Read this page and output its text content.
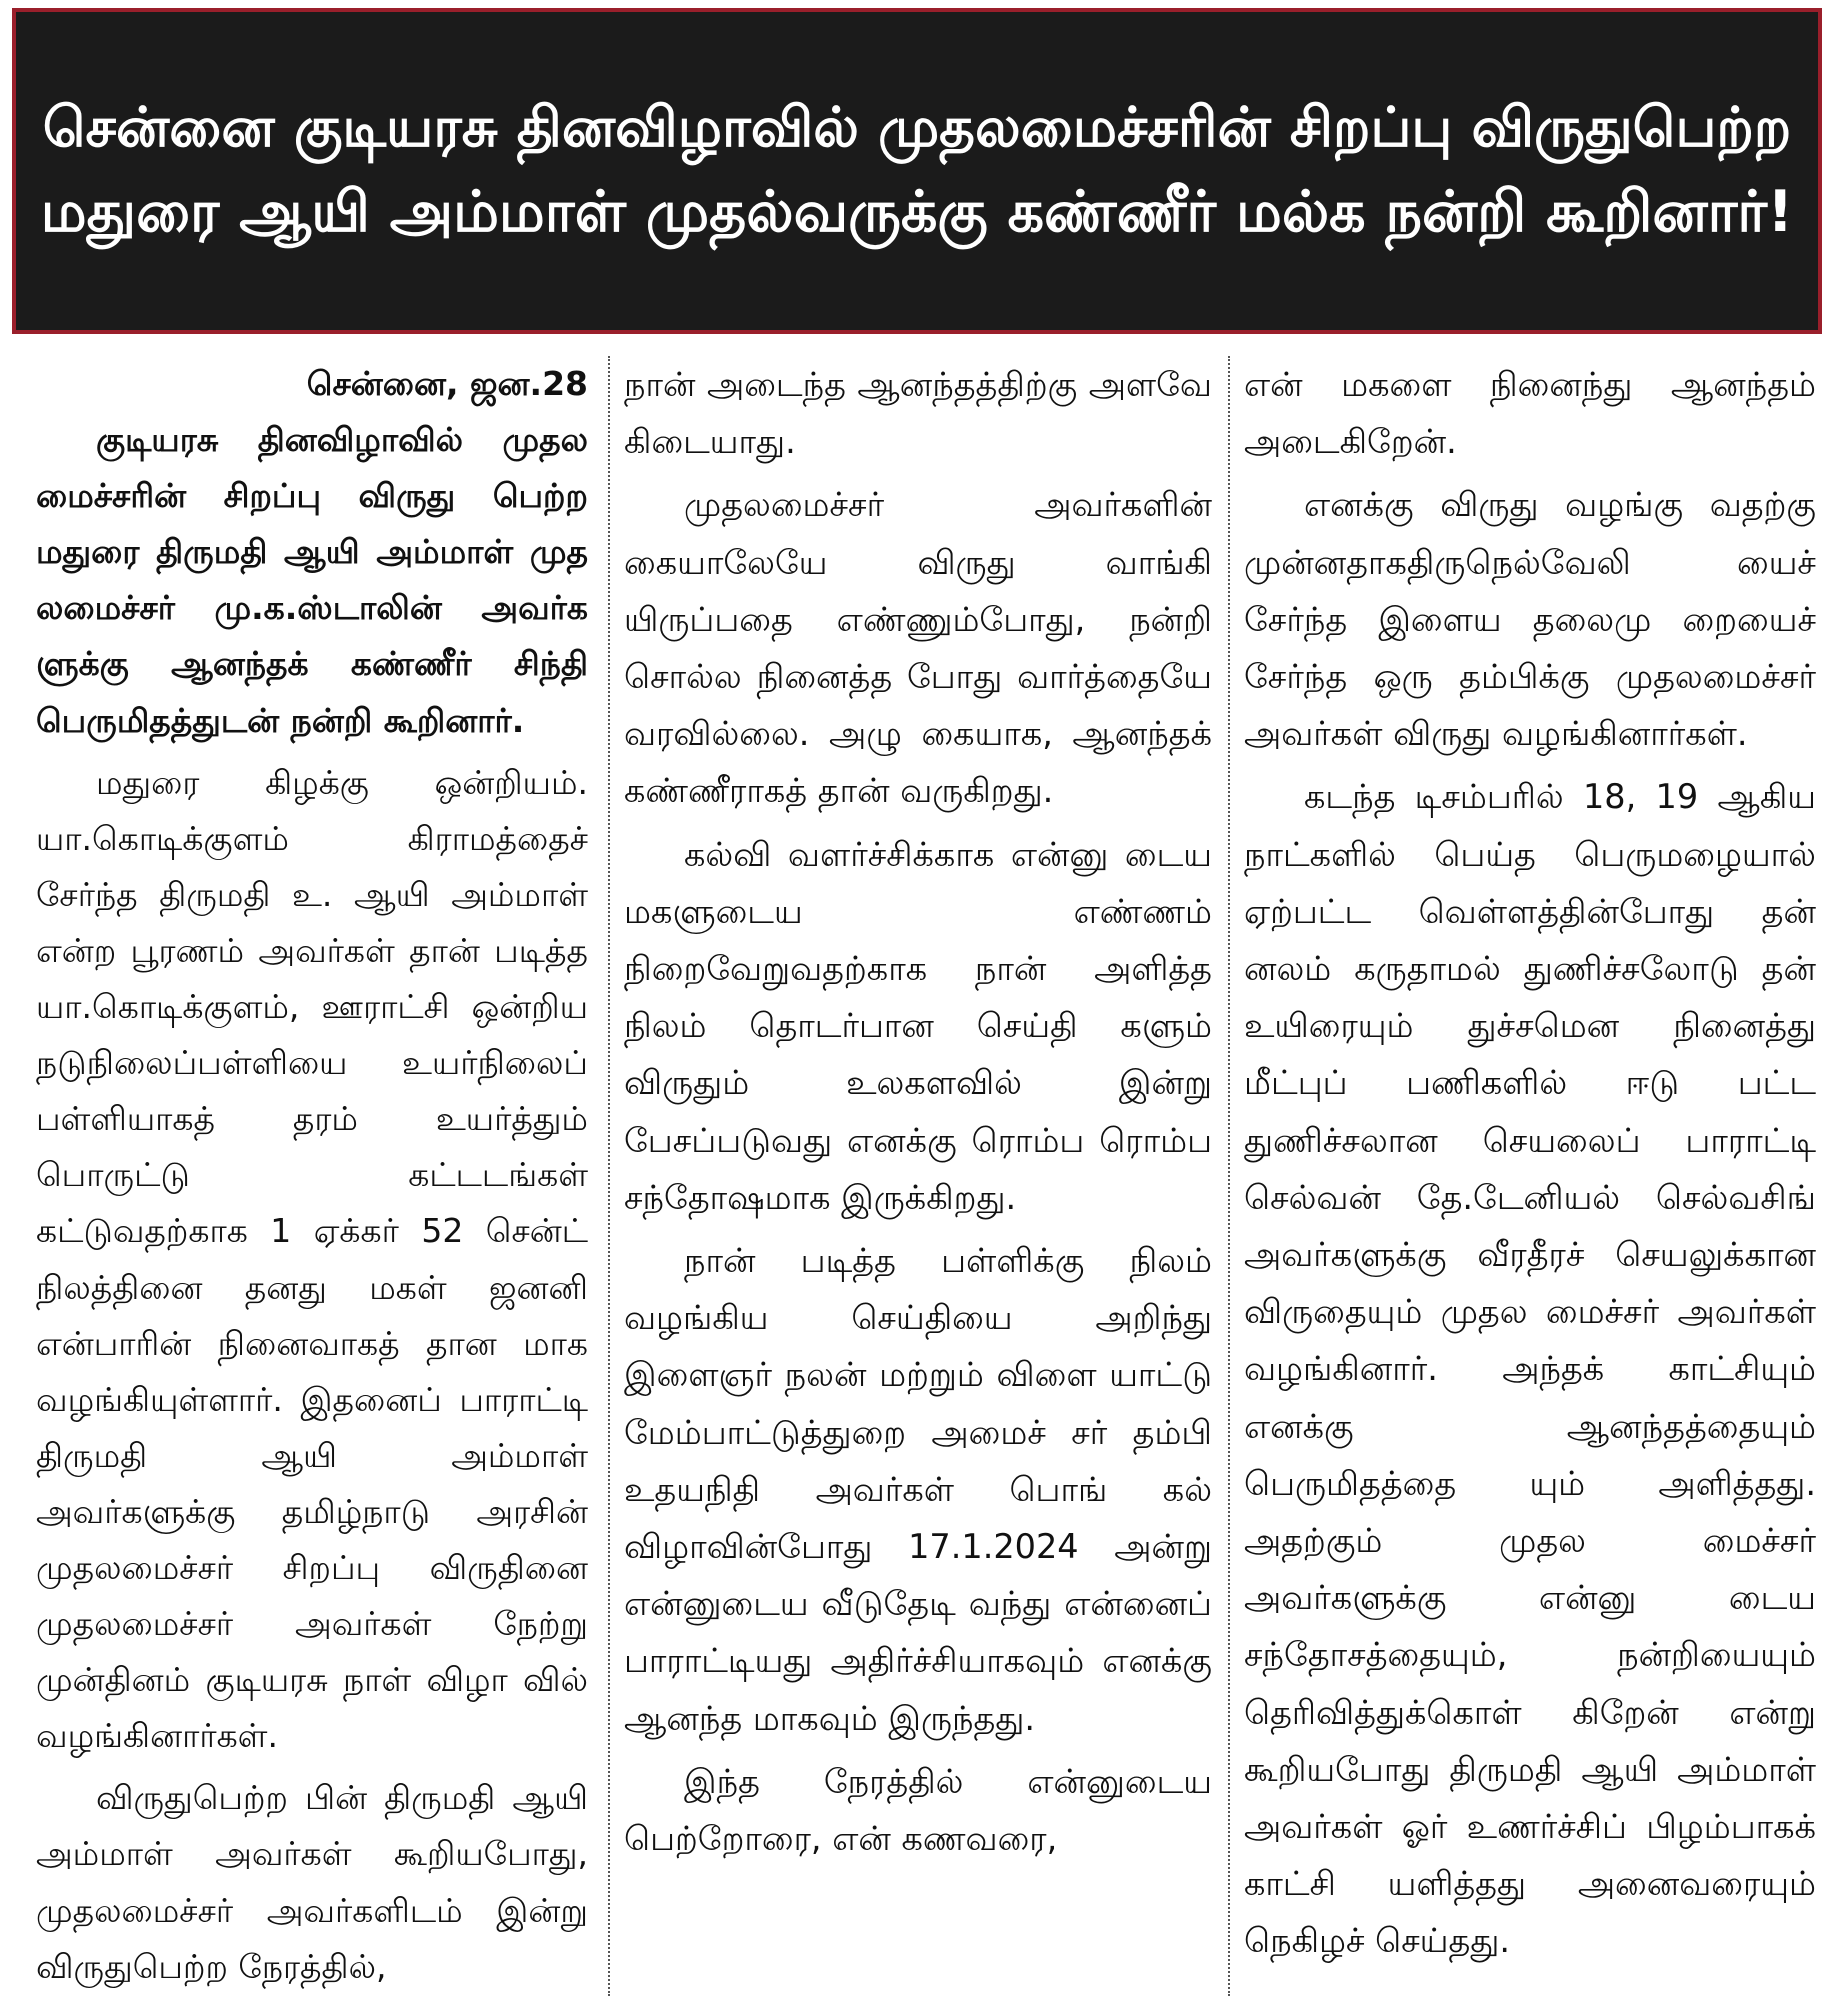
சென்னை குடியரசு தினவிழாவில் முதலமைச்சரின் சிறப்பு விருதுபெற்ற
மதுரை ஆயி அம்மாள் முதல்வருக்கு கண்ணீர் மல்க நன்றி கூறினார்!

சென்னை, ஜன.28

குடியரசு தினவிழாவில் முதல மைச்சரின் சிறப்பு விருது பெற்ற மதுரை திருமதி ஆயி அம்மாள் முத லமைச்சர் மு.க.ஸ்டாலின் அவர்க ளுக்கு ஆனந்தக் கண்ணீர் சிந்தி பெருமிதத்துடன் நன்றி கூறினார்.

மதுரை கிழக்கு ஒன்றியம். யா.கொடிக்குளம் கிராமத்தைச் சேர்ந்த திருமதி உ. ஆயி அம்மாள் என்ற பூரணம் அவர்கள் தான் படித்த யா.கொடிக்குளம், ஊராட்சி ஒன்றிய நடுநிலைப்பள்ளியை உயர்நிலைப் பள்ளியாகத் தரம் உயர்த்தும் பொருட்டு கட்டடங்கள் கட்டுவதற்காக 1 ஏக்கர் 52 சென்ட் நிலத்தினை தனது மகள் ஜனனி என்பாரின் நினைவாகத் தான மாக வழங்கியுள்ளார். இதனைப் பாராட்டி திருமதி ஆயி அம்மாள் அவர்களுக்கு தமிழ்நாடு அரசின் முதலமைச்சர் சிறப்பு விருதினை முதலமைச்சர் அவர்கள் நேற்று முன்தினம் குடியரசு நாள் விழா வில் வழங்கினார்கள்.

விருதுபெற்ற பின் திருமதி ஆயி அம்மாள் அவர்கள் கூறியபோது, முதலமைச்சர் அவர்களிடம் இன்று விருதுபெற்ற நேரத்தில்,

நான் அடைந்த ஆனந்தத்திற்கு அளவே கிடையாது.

முதலமைச்சர் அவர்களின் கையாலேயே விருது வாங்கி யிருப்பதை எண்ணும்போது, நன்றி சொல்ல நினைத்த போது வார்த்தையே வரவில்லை. அழு கையாக, ஆனந்தக் கண்ணீராகத் தான் வருகிறது.

கல்வி வளர்ச்சிக்காக என்னு டைய மகளுடைய எண்ணம் நிறைவேறுவதற்காக நான் அளித்த நிலம் தொடர்பான செய்தி களும் விருதும் உலகளவில் இன்று பேசப்படுவது எனக்கு ரொம்ப ரொம்ப சந்தோஷமாக இருக்கிறது.

நான் படித்த பள்ளிக்கு நிலம் வழங்கிய செய்தியை அறிந்து இளைஞர் நலன் மற்றும் விளை யாட்டு மேம்பாட்டுத்துறை அமைச் சர் தம்பி உதயநிதி அவர்கள் பொங் கல் விழாவின்போது 17.1.2024 அன்று என்னுடைய வீடுதேடி வந்து என்னைப் பாராட்டியது அதிர்ச்சியாகவும் எனக்கு ஆனந்த மாகவும் இருந்தது.

இந்த நேரத்தில் என்னுடைய பெற்றோரை, என் கணவரை,

என் மகளை நினைந்து ஆனந்தம் அடைகிறேன்.

எனக்கு விருது வழங்கு வதற்கு முன்னதாகதிருநெல்வேலி யைச் சேர்ந்த இளைய தலைமு றையைச் சேர்ந்த ஒரு தம்பிக்கு முதலமைச்சர் அவர்கள் விருது வழங்கினார்கள்.

கடந்த டிசம்பரில் 18, 19 ஆகிய நாட்களில் பெய்த பெருமழையால் ஏற்பட்ட வெள்ளத்தின்போது தன் னலம் கருதாமல் துணிச்சலோடு தன் உயிரையும் துச்சமென நினைத்து மீட்புப் பணிகளில் ஈடு பட்ட துணிச்சலான செயலைப் பாராட்டி செல்வன் தே.டேனியல் செல்வசிங் அவர்களுக்கு வீரதீரச் செயலுக்கான விருதையும் முதல மைச்சர் அவர்கள் வழங்கினார். அந்தக் காட்சியும் எனக்கு ஆனந்தத்தையும் பெருமிதத்தை யும் அளித்தது. அதற்கும் முதல மைச்சர் அவர்களுக்கு என்னு டைய சந்தோசத்தையும், நன்றியையும் தெரிவித்துக்கொள் கிறேன் என்று கூறியபோது திருமதி ஆயி அம்மாள் அவர்கள் ஓர் உணர்ச்சிப் பிழம்பாகக் காட்சி யளித்தது அனைவரையும் நெகிழச் செய்தது.
